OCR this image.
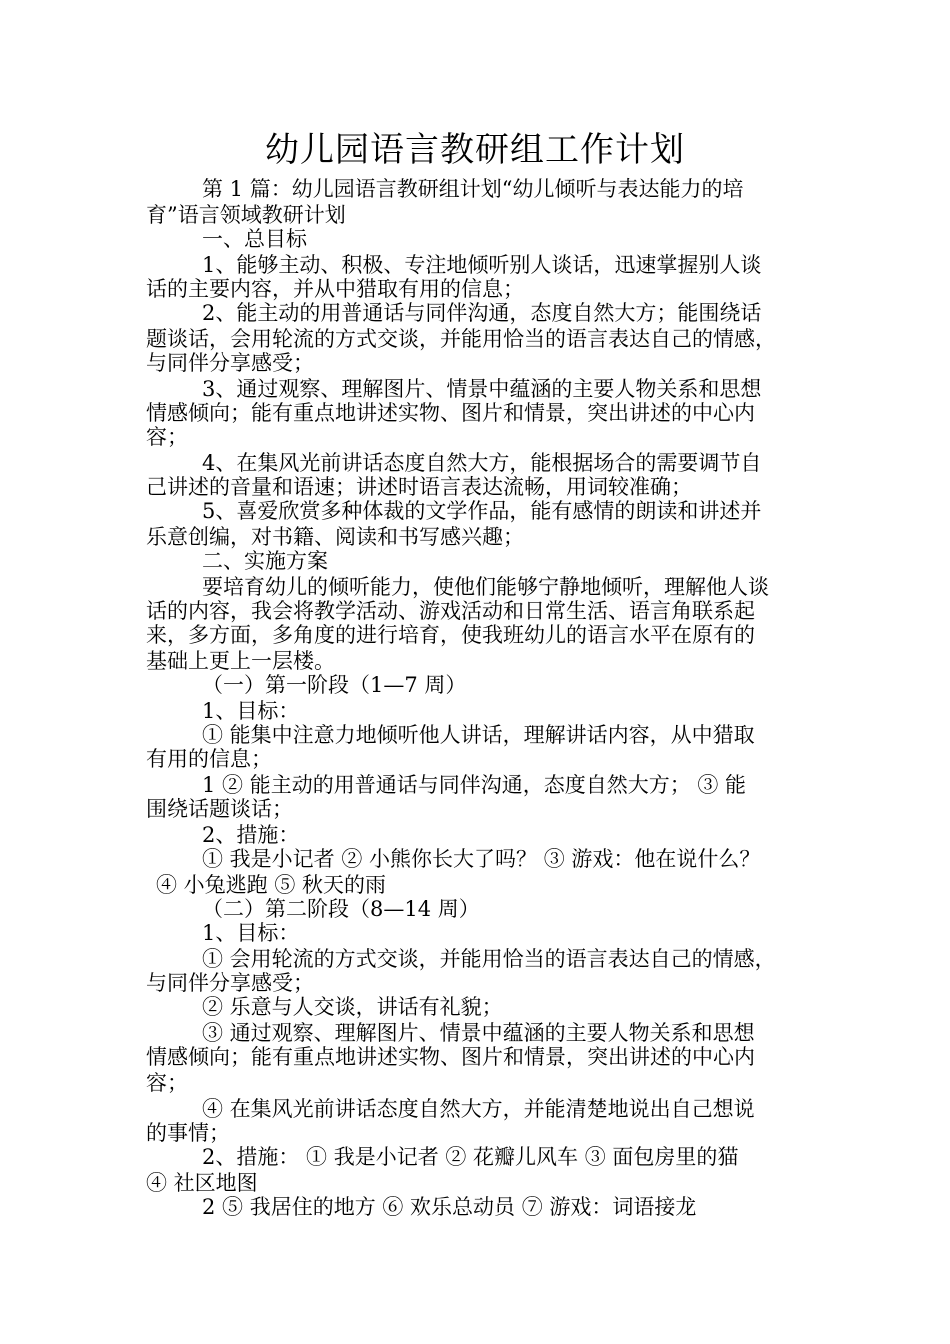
幼儿园语言教研组工作计划
第 1 篇：幼儿园语言教研组计划“幼儿倾听与表达能力的培
育”语言领域教研计划
一、总目标
1、能够主动、积极、专注地倾听别人谈话，迅速掌握别人谈
话的主要内容，并从中猎取有用的信息；
2、能主动的用普通话与同伴沟通，态度自然大方；能围绕话
题谈话，会用轮流的方式交谈，并能用恰当的语言表达自己的情感，
与同伴分享感受；
3、通过观察、理解图片、情景中蕴涵的主要人物关系和思想
情感倾向；能有重点地讲述实物、图片和情景，突出讲述的中心内
容；
4、在集风光前讲话态度自然大方，能根据场合的需要调节自
己讲述的音量和语速；讲述时语言表达流畅，用词较准确；
5、喜爱欣赏多种体裁的文学作品，能有感情的朗读和讲述并
乐意创编，对书籍、阅读和书写感兴趣；
二、实施方案
要培育幼儿的倾听能力，使他们能够宁静地倾听，理解他人谈
话的内容，我会将教学活动、游戏活动和日常生活、语言角联系起
来，多方面，多角度的进行培育，使我班幼儿的语言水平在原有的
基础上更上一层楼。
（一）第一阶段（1—7 周）
1、目标：
① 能集中注意力地倾听他人讲话，理解讲话内容，从中猎取
有用的信息；
1 ② 能主动的用普通话与同伴沟通，态度自然大方； ③ 能
围绕话题谈话；
2、措施：
① 我是小记者 ② 小熊你长大了吗？ ③ 游戏：他在说什么？
④ 小兔逃跑 ⑤ 秋天的雨
（二）第二阶段（8—14 周）
1、目标：
① 会用轮流的方式交谈，并能用恰当的语言表达自己的情感，
与同伴分享感受；
② 乐意与人交谈，讲话有礼貌；
③ 通过观察、理解图片、情景中蕴涵的主要人物关系和思想
情感倾向；能有重点地讲述实物、图片和情景，突出讲述的中心内
容；
④ 在集风光前讲话态度自然大方，并能清楚地说出自己想说
的事情；
2、措施： ① 我是小记者 ② 花瓣儿风车 ③ 面包房里的猫
④ 社区地图
2 ⑤ 我居住的地方 ⑥ 欢乐总动员 ⑦ 游戏：词语接龙
